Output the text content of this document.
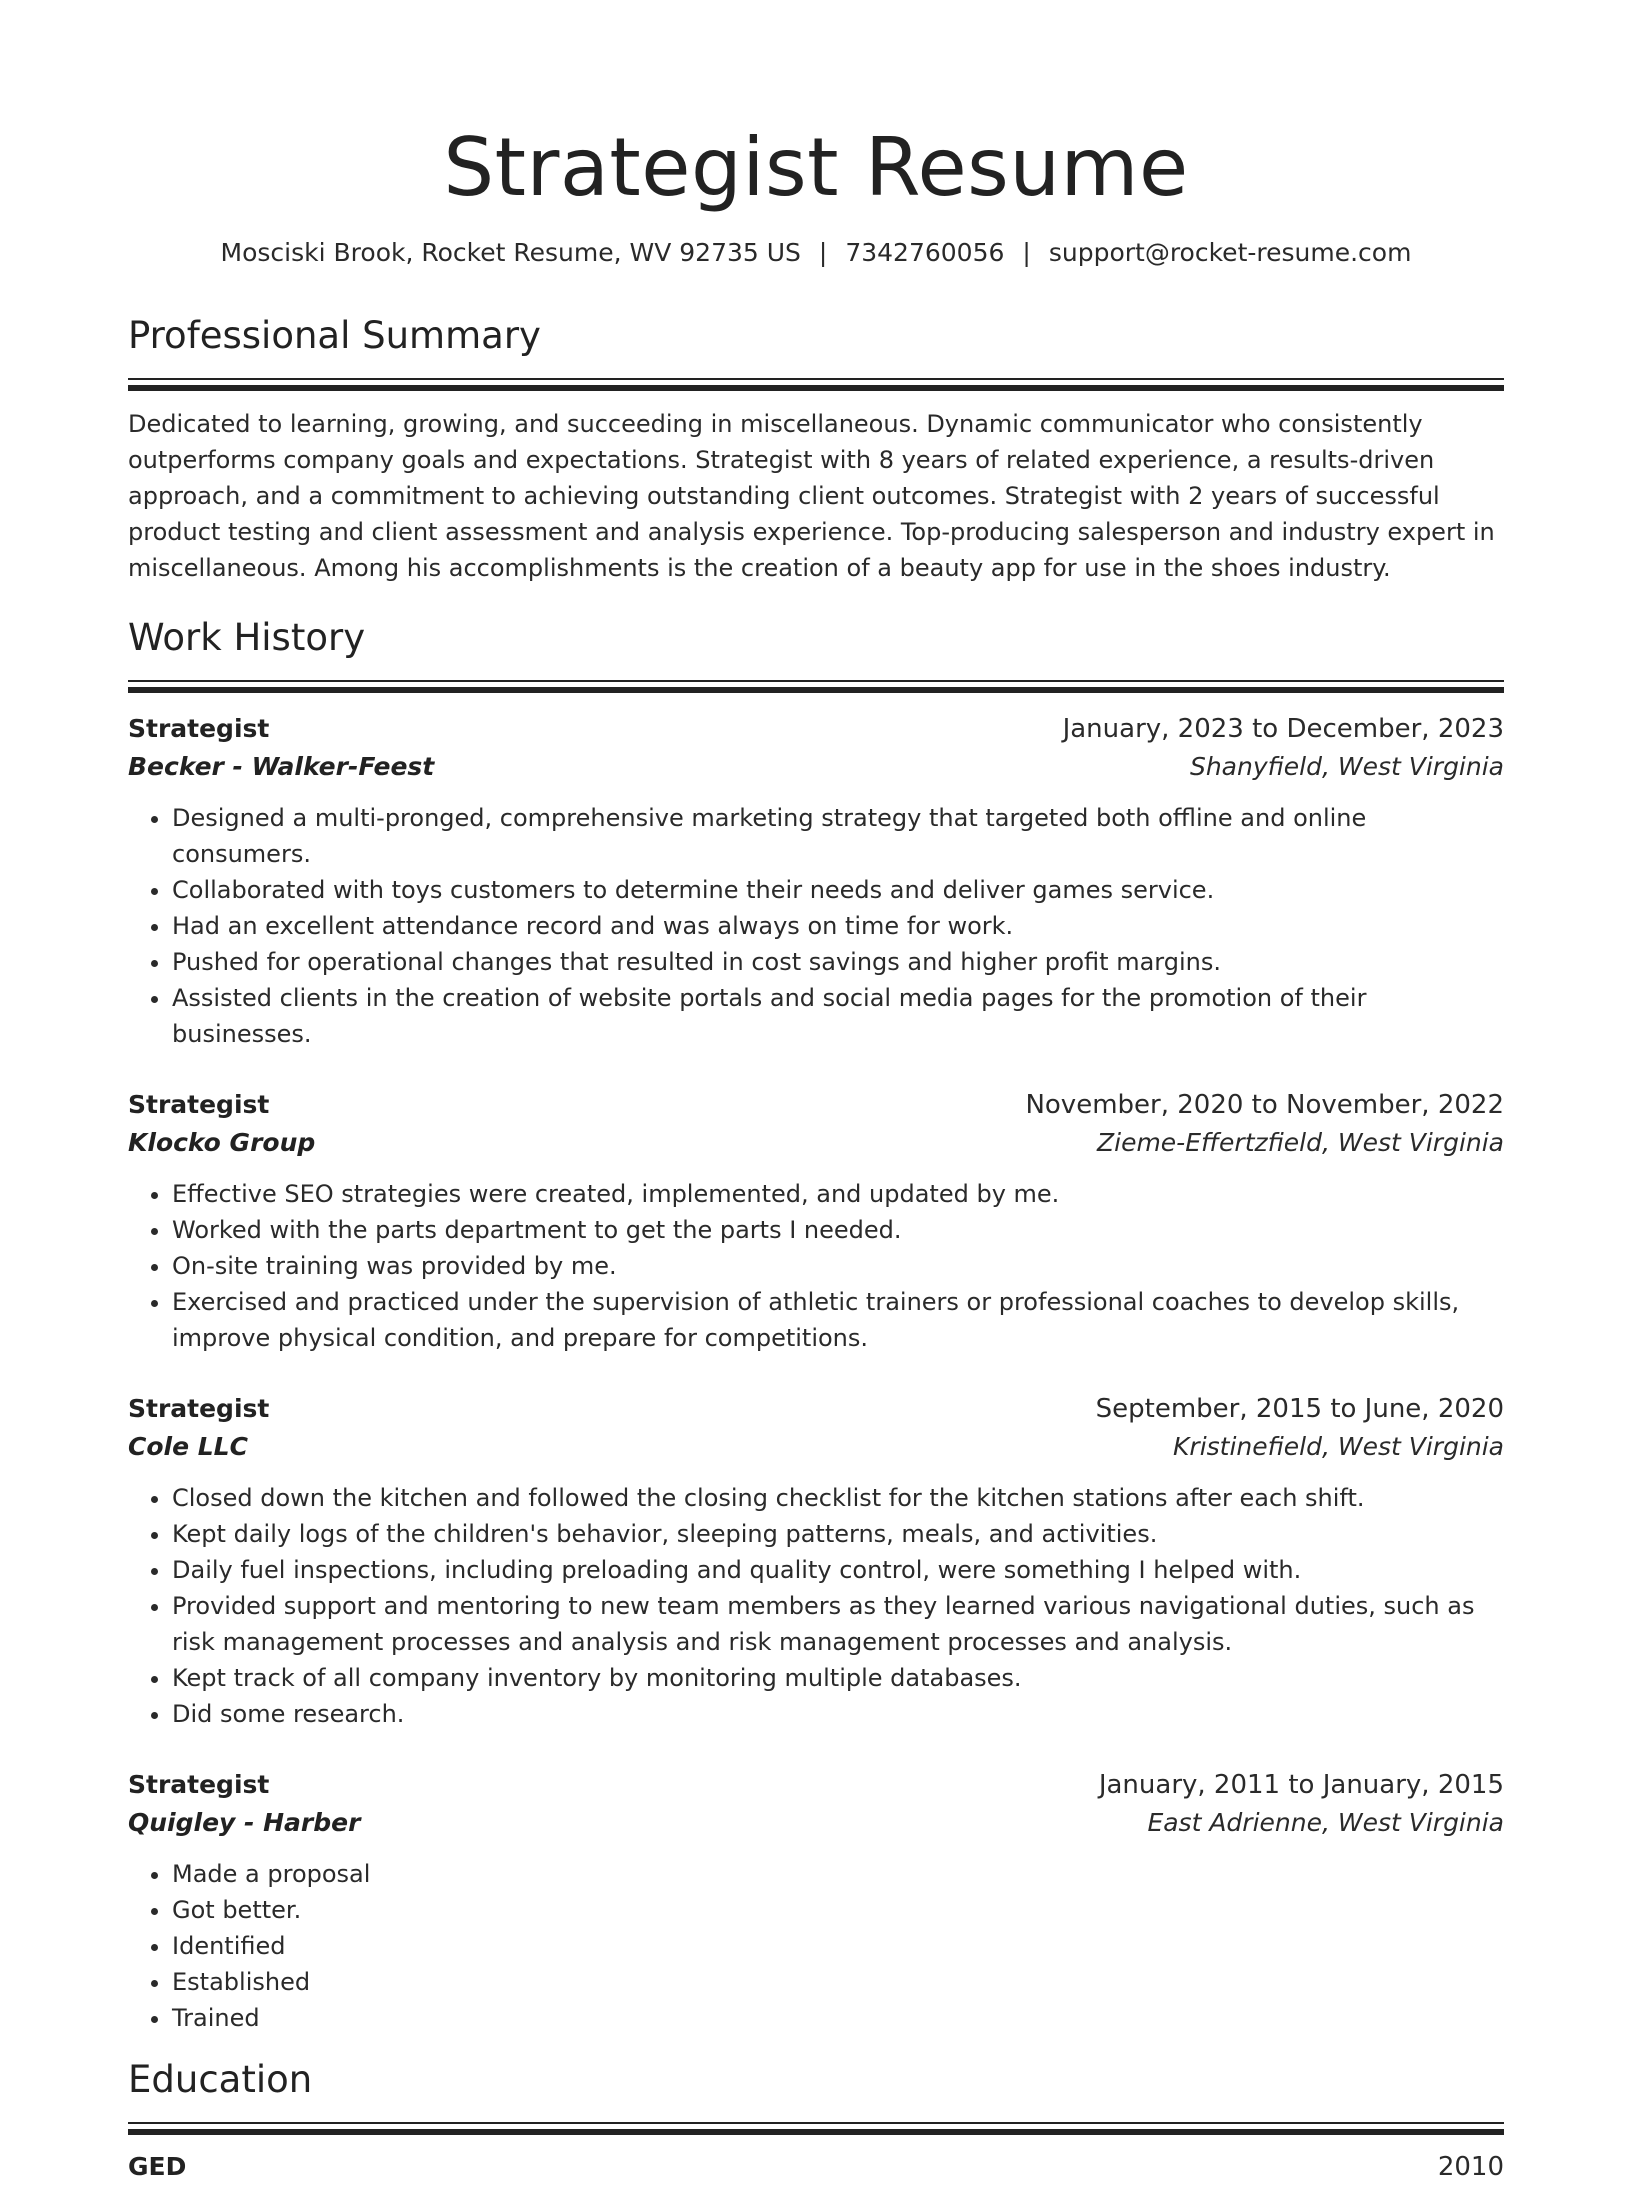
Strategist Resume
Mosciski Brook, Rocket Resume, WV 92735 US | 7342760056 | support@rocket-resume.com
Professional Summary
Dedicated to learning, growing, and succeeding in miscellaneous. Dynamic communicator who consistently outperforms company goals and expectations. Strategist with 8 years of related experience, a results-driven approach, and a commitment to achieving outstanding client outcomes. Strategist with 2 years of successful product testing and client assessment and analysis experience. Top-producing salesperson and industry expert in miscellaneous. Among his accomplishments is the creation of a beauty app for use in the shoes industry.
Work History
Strategist	January, 2023 to December, 2023
Becker - Walker-Feest	Shanyfield, West Virginia
• Designed a multi-pronged, comprehensive marketing strategy that targeted both offline and online consumers.
• Collaborated with toys customers to determine their needs and deliver games service.
• Had an excellent attendance record and was always on time for work.
• Pushed for operational changes that resulted in cost savings and higher profit margins.
• Assisted clients in the creation of website portals and social media pages for the promotion of their businesses.
Strategist	November, 2020 to November, 2022
Klocko Group	Zieme-Effertzfield, West Virginia
• Effective SEO strategies were created, implemented, and updated by me.
• Worked with the parts department to get the parts I needed.
• On-site training was provided by me.
• Exercised and practiced under the supervision of athletic trainers or professional coaches to develop skills, improve physical condition, and prepare for competitions.
Strategist	September, 2015 to June, 2020
Cole LLC	Kristinefield, West Virginia
• Closed down the kitchen and followed the closing checklist for the kitchen stations after each shift.
• Kept daily logs of the children's behavior, sleeping patterns, meals, and activities.
• Daily fuel inspections, including preloading and quality control, were something I helped with.
• Provided support and mentoring to new team members as they learned various navigational duties, such as risk management processes and analysis and risk management processes and analysis.
• Kept track of all company inventory by monitoring multiple databases.
• Did some research.
Strategist	January, 2011 to January, 2015
Quigley - Harber	East Adrienne, West Virginia
• Made a proposal
• Got better.
• Identified
• Established
• Trained
Education
GED	2010
